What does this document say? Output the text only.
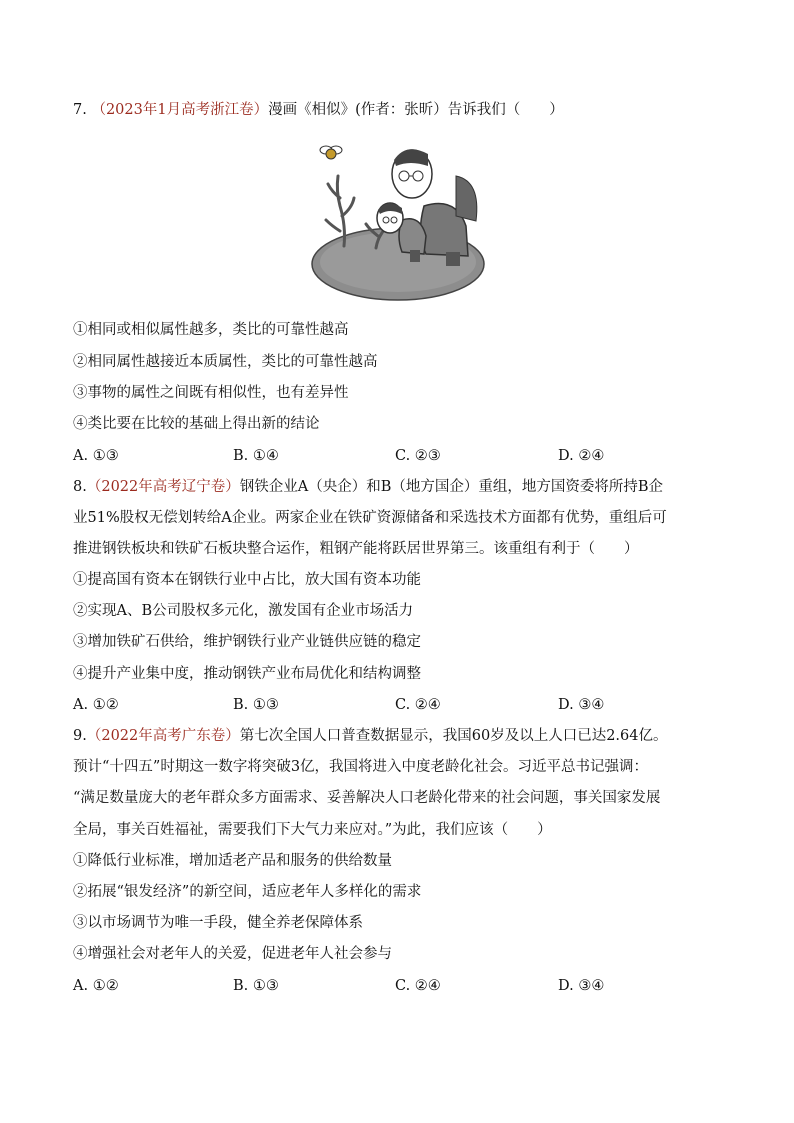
7. （2023年1月高考浙江卷）漫画《相似》(作者：张昕）告诉我们（　　）
①相同或相似属性越多，类比的可靠性越高
②相同属性越接近本质属性，类比的可靠性越高
③事物的属性之间既有相似性，也有差异性
④类比要在比较的基础上得出新的结论
A. ①③	B. ①④	C. ②③	D. ②④
8.（2022年高考辽宁卷）钢铁企业A（央企）和B（地方国企）重组，地方国资委将所持B企
业51%股权无偿划转给A企业。两家企业在铁矿资源储备和采选技术方面都有优势，重组后可
推进钢铁板块和铁矿石板块整合运作，粗钢产能将跃居世界第三。该重组有利于（　　）
①提高国有资本在钢铁行业中占比，放大国有资本功能
②实现A、B公司股权多元化，激发国有企业市场活力
③增加铁矿石供给，维护钢铁行业产业链供应链的稳定
④提升产业集中度，推动钢铁产业布局优化和结构调整
A. ①②	B. ①③	C. ②④	D. ③④
9.（2022年高考广东卷）第七次全国人口普查数据显示，我国60岁及以上人口已达2.64亿。
预计“十四五”时期这一数字将突破3亿，我国将进入中度老龄化社会。习近平总书记强调：
“满足数量庞大的老年群众多方面需求、妥善解决人口老龄化带来的社会问题，事关国家发展
全局，事关百姓福祉，需要我们下大气力来应对。”为此，我们应该（　　）
①降低行业标准，增加适老产品和服务的供给数量
②拓展“银发经济”的新空间，适应老年人多样化的需求
③以市场调节为唯一手段，健全养老保障体系
④增强社会对老年人的关爱，促进老年人社会参与
A. ①②	B. ①③	C. ②④	D. ③④
